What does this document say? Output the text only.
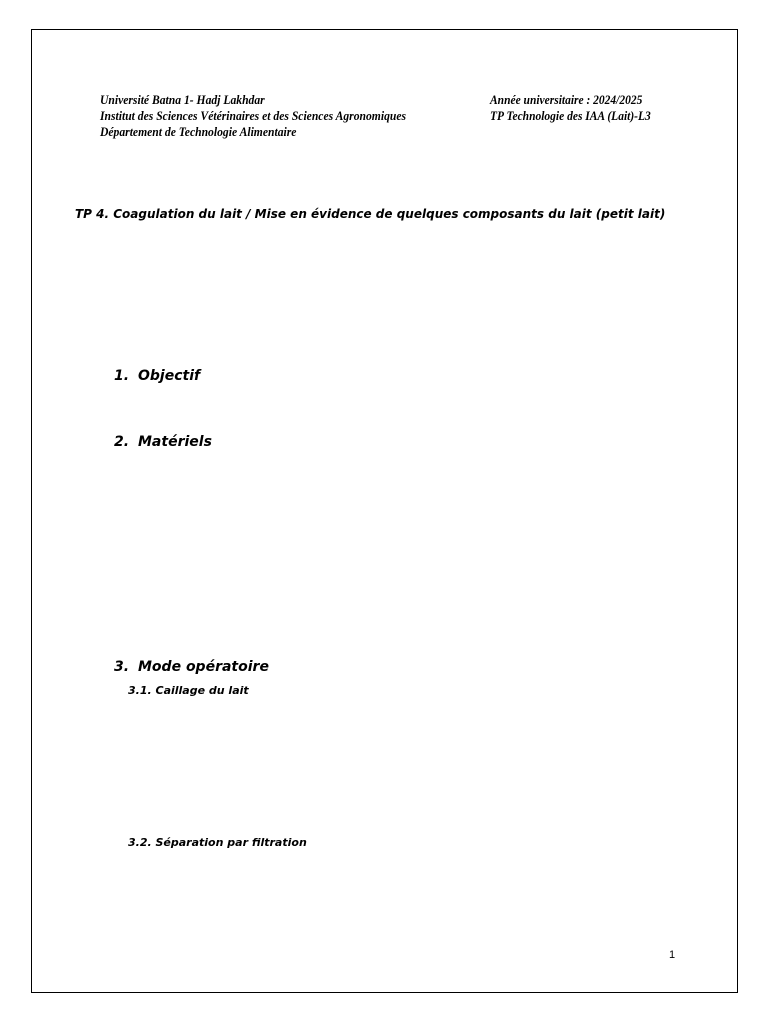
Université Batna 1- Hadj Lakhdar
Institut des Sciences Vétérinaires et des Sciences Agronomiques
Département de Technologie Alimentaire
Année universitaire : 2024/2025
TP Technologie des IAA (Lait)-L3
TP 4. Coagulation du lait / Mise en évidence de quelques composants du lait (petit lait)
1. Objectif
2. Matériels
3. Mode opératoire
3.1. Caillage du lait
3.2. Séparation par filtration
1
